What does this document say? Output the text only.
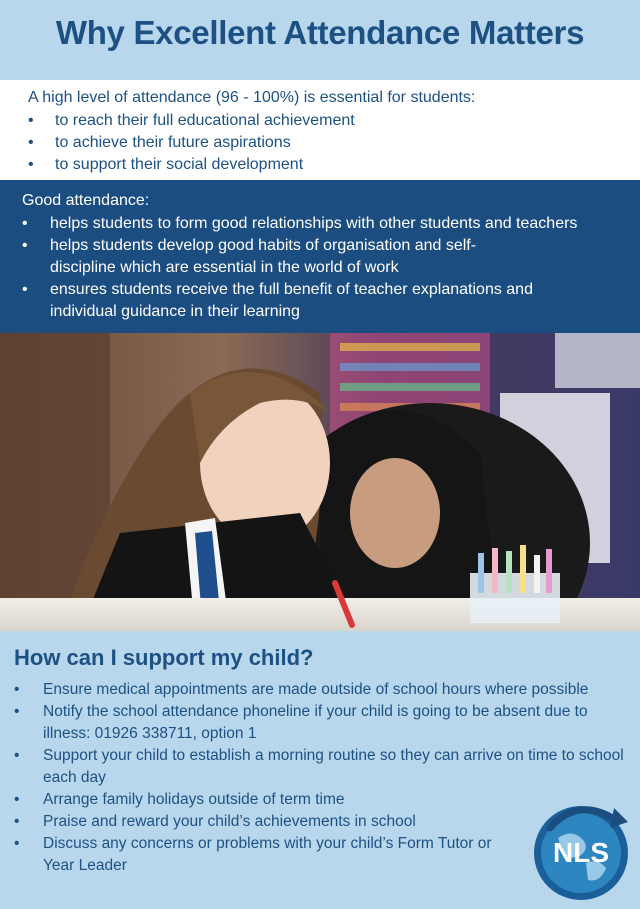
Why Excellent Attendance Matters
A high level of attendance (96 - 100%) is essential for students:
• to reach their full educational achievement
• to achieve their future aspirations
• to support their social development
Good attendance:
• helps students to form good relationships with other students and teachers
• helps students develop good habits of organisation and self-discipline which are essential in the world of work
• ensures students receive the full benefit of teacher explanations and individual guidance in their learning
How can I support my child?
• Ensure medical appointments are made outside of school hours where possible
• Notify the school attendance phoneline if your child is going to be absent due to illness: 01926 338711, option 1
• Support your child to establish a morning routine so they can arrive on time to school each day
• Arrange family holidays outside of term time
• Praise and reward your child’s achievements in school
• Discuss any concerns or problems with your child’s Form Tutor or Year Leader	NLS
